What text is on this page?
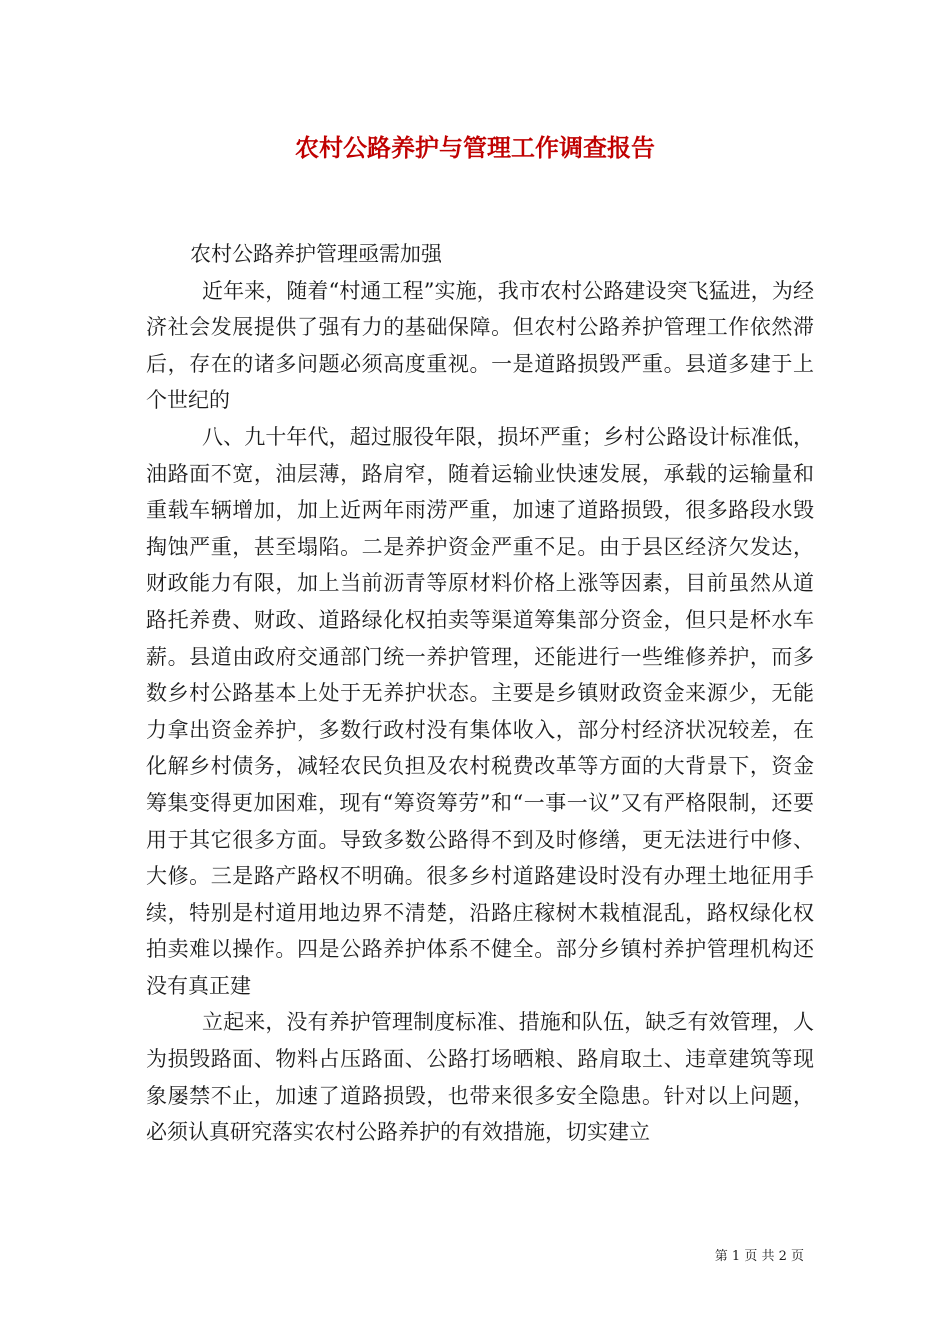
农村公路养护与管理工作调查报告

农村公路养护管理亟需加强

近年来，随着“村通工程”实施，我市农村公路建设突飞猛进，为经济社会发展提供了强有力的基础保障。但农村公路养护管理工作依然滞后，存在的诸多问题必须高度重视。一是道路损毁严重。县道多建于上个世纪的

八、九十年代，超过服役年限，损坏严重；乡村公路设计标准低，油路面不宽，油层薄，路肩窄，随着运输业快速发展，承载的运输量和重载车辆增加，加上近两年雨涝严重，加速了道路损毁，很多路段水毁掏蚀严重，甚至塌陷。二是养护资金严重不足。由于县区经济欠发达，财政能力有限，加上当前沥青等原材料价格上涨等因素，目前虽然从道路托养费、财政、道路绿化权拍卖等渠道筹集部分资金，但只是杯水车薪。县道由政府交通部门统一养护管理，还能进行一些维修养护，而多数乡村公路基本上处于无养护状态。主要是乡镇财政资金来源少，无能力拿出资金养护，多数行政村没有集体收入，部分村经济状况较差，在化解乡村债务，减轻农民负担及农村税费改革等方面的大背景下，资金筹集变得更加困难，现有“筹资筹劳”和“一事一议”又有严格限制，还要用于其它很多方面。导致多数公路得不到及时修缮，更无法进行中修、大修。三是路产路权不明确。很多乡村道路建设时没有办理土地征用手续，特别是村道用地边界不清楚，沿路庄稼树木栽植混乱，路权绿化权拍卖难以操作。四是公路养护体系不健全。部分乡镇村养护管理机构还没有真正建

立起来，没有养护管理制度标准、措施和队伍，缺乏有效管理，人为损毁路面、物料占压路面、公路打场晒粮、路肩取土、违章建筑等现象屡禁不止，加速了道路损毁，也带来很多安全隐患。针对以上问题，必须认真研究落实农村公路养护的有效措施，切实建立

第 1 页 共 2 页
